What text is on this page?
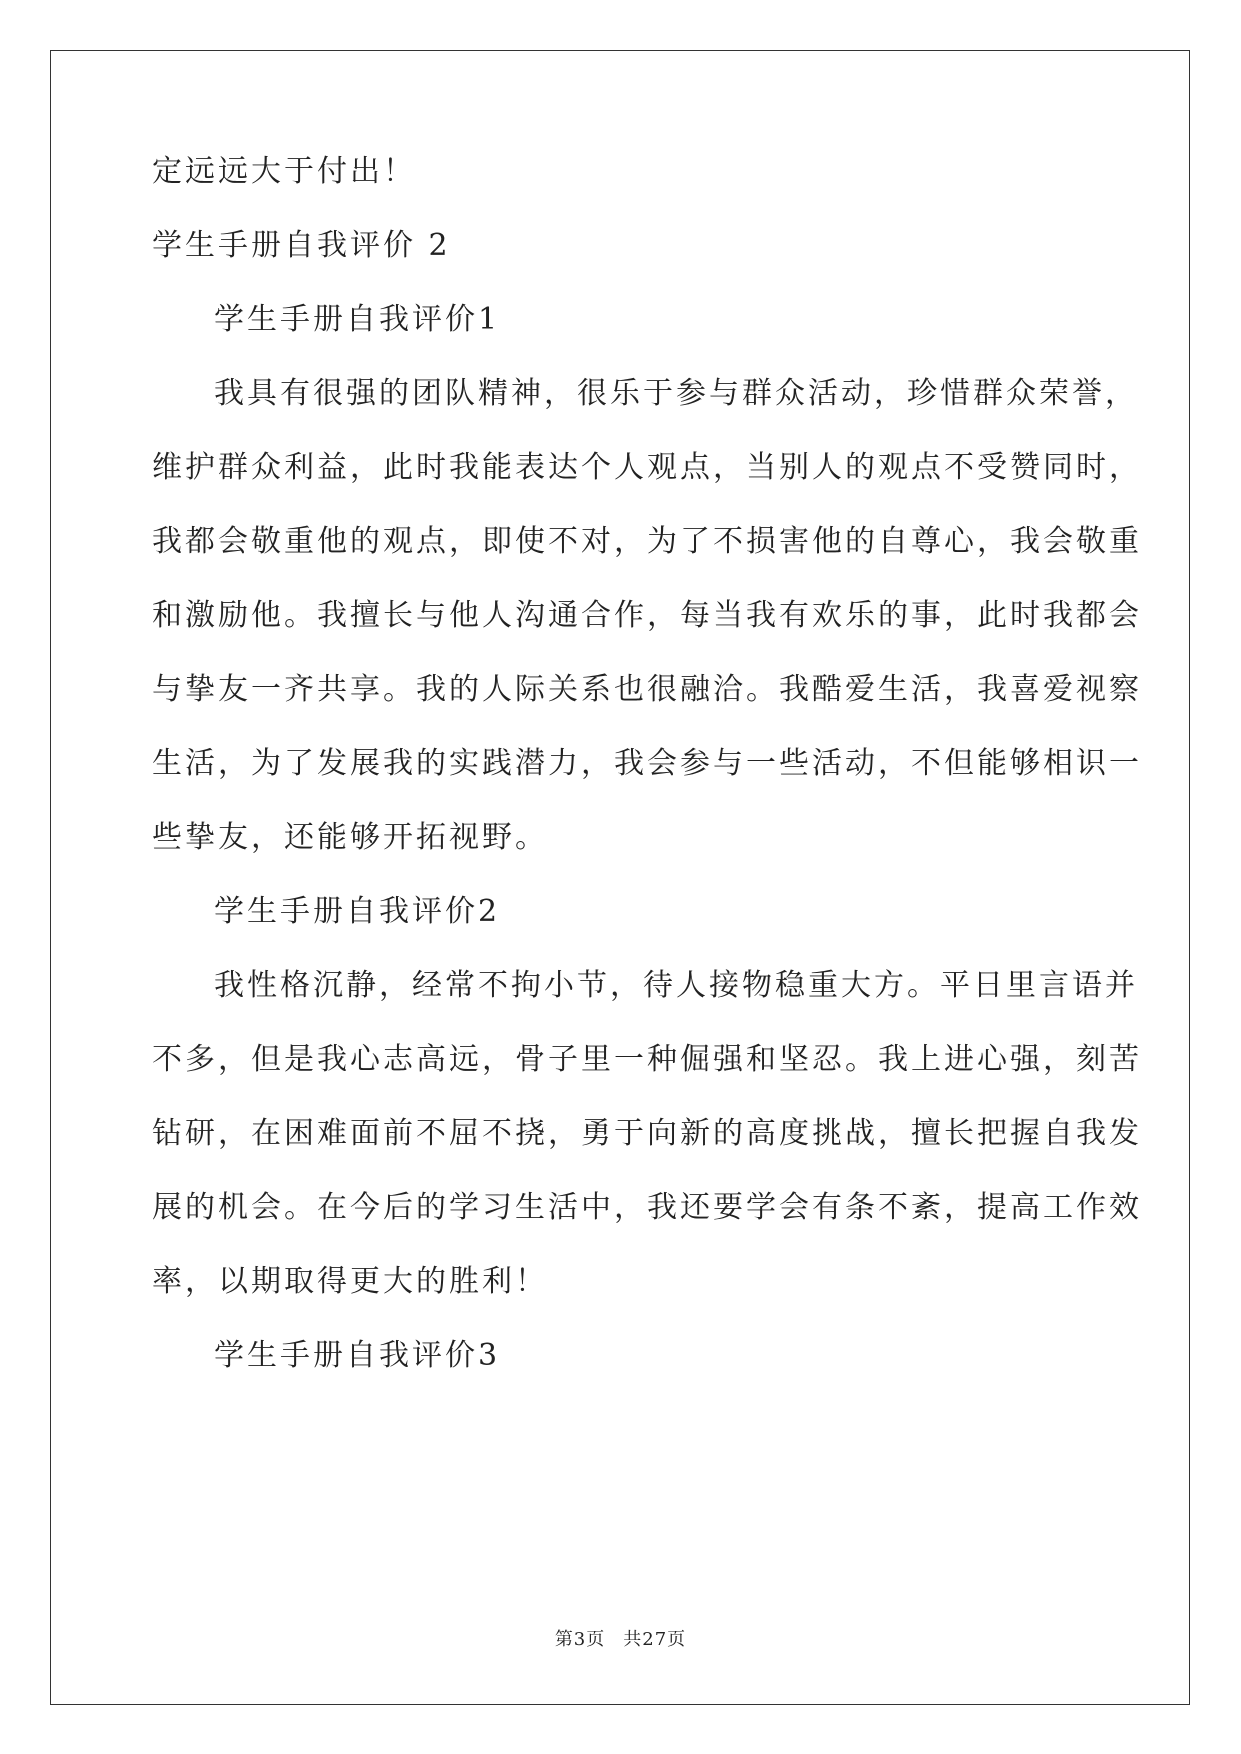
定远远大于付出！
学生手册自我评价 2
学生手册自我评价1
我具有很强的团队精神，很乐于参与群众活动，珍惜群众荣誉，
维护群众利益，此时我能表达个人观点，当别人的观点不受赞同时，
我都会敬重他的观点，即使不对，为了不损害他的自尊心，我会敬重
和激励他。我擅长与他人沟通合作，每当我有欢乐的事，此时我都会
与挚友一齐共享。我的人际关系也很融洽。我酷爱生活，我喜爱视察
生活，为了发展我的实践潜力，我会参与一些活动，不但能够相识一
些挚友，还能够开拓视野。
学生手册自我评价2
我性格沉静，经常不拘小节，待人接物稳重大方。平日里言语并
不多，但是我心志高远，骨子里一种倔强和坚忍。我上进心强，刻苦
钻研，在困难面前不屈不挠，勇于向新的高度挑战，擅长把握自我发
展的机会。在今后的学习生活中，我还要学会有条不紊，提高工作效
率，以期取得更大的胜利！
学生手册自我评价3
第3页 共27页
